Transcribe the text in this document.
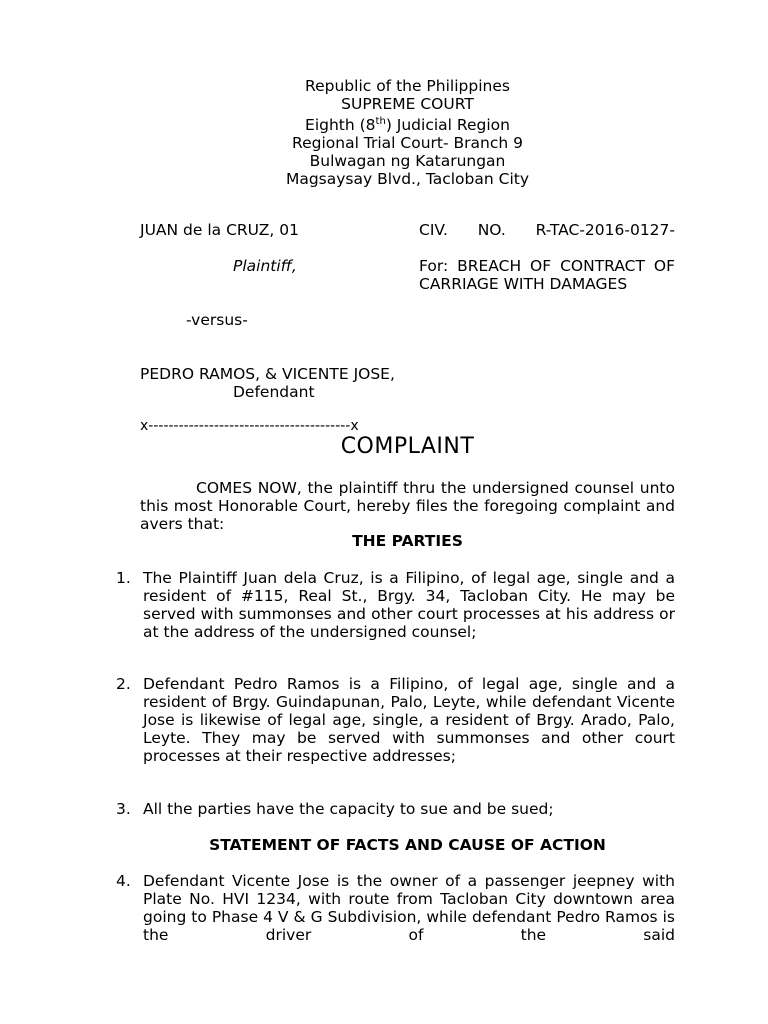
Republic of the Philippines
SUPREME COURT
Eighth (8th) Judicial Region
Regional Trial Court- Branch 9
Bulwagan ng Katarungan
Magsaysay Blvd., Tacloban City
JUAN de la CRUZ, 01
Plaintiff,
CIV. NO. R-TAC-2016-0127-
For: BREACH OF CONTRACT OF CARRIAGE WITH DAMAGES
-versus-
PEDRO RAMOS, & VICENTE JOSE,
Defendant
x----------------------------------------x
COMPLAINT
COMES NOW, the plaintiff thru the undersigned counsel unto this most Honorable Court, hereby files the foregoing complaint and avers that:
THE PARTIES
1. The Plaintiff Juan dela Cruz, is a Filipino, of legal age, single and a resident of #115, Real St., Brgy. 34, Tacloban City. He may be served with summonses and other court processes at his address or at the address of the undersigned counsel;
2. Defendant Pedro Ramos is a Filipino, of legal age, single and a resident of Brgy. Guindapunan, Palo, Leyte, while defendant Vicente Jose is likewise of legal age, single, a resident of Brgy. Arado, Palo, Leyte. They may be served with summonses and other court processes at their respective addresses;
3. All the parties have the capacity to sue and be sued;
STATEMENT OF FACTS AND CAUSE OF ACTION
4. Defendant Vicente Jose is the owner of a passenger jeepney with Plate No. HVI 1234, with route from Tacloban City downtown area going to Phase 4 V & G Subdivision, while defendant Pedro Ramos is the driver of the said
